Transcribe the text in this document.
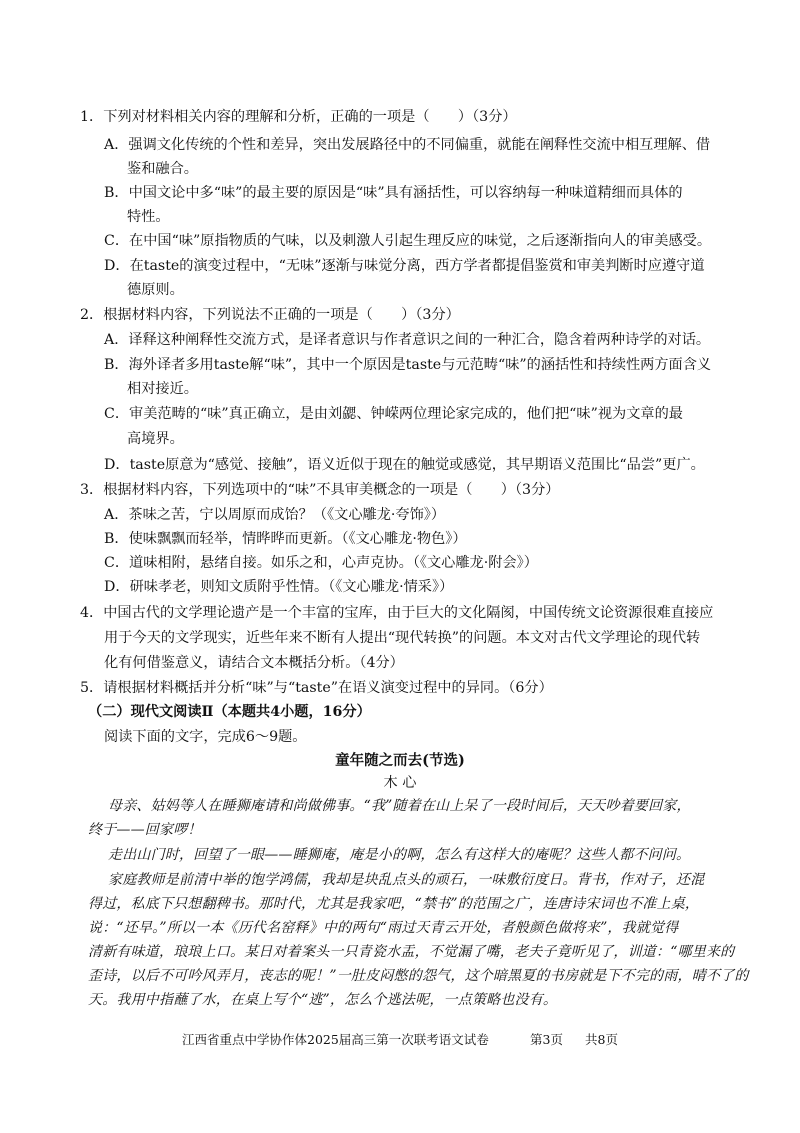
1．下列对材料相关内容的理解和分析，正确的一项是（　　）（3分）
A．强调文化传统的个性和差异，突出发展路径中的不同偏重，就能在阐释性交流中相互理解、借
鉴和融合。
B．中国文论中多“味”的最主要的原因是“味”具有涵括性，可以容纳每一种味道精细而具体的
特性。
C．在中国“味”原指物质的气味，以及刺激人引起生理反应的味觉，之后逐渐指向人的审美感受。
D．在taste的演变过程中，“无味”逐渐与味觉分离，西方学者都提倡鉴赏和审美判断时应遵守道
德原则。
2．根据材料内容，下列说法不正确的一项是（　　）（3分）
A．译释这种阐释性交流方式，是译者意识与作者意识之间的一种汇合，隐含着两种诗学的对话。
B．海外译者多用taste解“味”，其中一个原因是taste与元范畴“味”的涵括性和持续性两方面含义
相对接近。
C．审美范畴的“味”真正确立，是由刘勰、钟嵘两位理论家完成的，他们把“味”视为文章的最
高境界。
D．taste原意为“感觉、接触”，语义近似于现在的触觉或感觉，其早期语义范围比“品尝”更广。
3．根据材料内容，下列选项中的“味”不具审美概念的一项是（　　）（3分）
A．茶味之苦，宁以周原而成饴？（《文心雕龙·夸饰》）
B．使味飘飘而轻举，情晔晔而更新。（《文心雕龙·物色》）
C．道味相附，悬绪自接。如乐之和，心声克协。（《文心雕龙·附会》）
D．研味孝老，则知文质附乎性情。（《文心雕龙·情采》）
4．中国古代的文学理论遗产是一个丰富的宝库，由于巨大的文化隔阂，中国传统文论资源很难直接应
用于今天的文学现实，近些年来不断有人提出“现代转换”的问题。本文对古代文学理论的现代转
化有何借鉴意义，请结合文本概括分析。（4分）
5．请根据材料概括并分析“味”与“taste”在语义演变过程中的异同。（6分）
（二）现代文阅读Ⅱ（本题共4小题，16分）
阅读下面的文字，完成6～9题。
童年随之而去(节选)
木 心
母亲、姑妈等人在睡狮庵请和尚做佛事。“我”随着在山上呆了一段时间后，天天吵着要回家，
终于——回家啰！
走出山门时，回望了一眼——睡狮庵，庵是小的啊，怎么有这样大的庵呢？这些人都不问问。
家庭教师是前清中举的饱学鸿儒，我却是块乱点头的顽石，一味敷衍度日。背书，作对子，还混
得过，私底下只想翻稗书。那时代，尤其是我家吧，“禁书”的范围之广，连唐诗宋词也不准上桌，
说：“还早。”所以一本《历代名窑释》中的两句“雨过天青云开处，者般颜色做将来”，我就觉得
清新有味道，琅琅上口。某日对着案头一只青瓷水盂，不觉漏了嘴，老夫子竟听见了，训道：“哪里来的
歪诗，以后不可吟风弄月，丧志的呢！”一肚皮闷憋的怨气，这个暗黑夏的书房就是下不完的雨，晴不了的
天。我用中指蘸了水，在桌上写个“逃”，怎么个逃法呢，一点策略也没有。
江西省重点中学协作体2025届高三第一次联考语文试卷	第3页 共8页
